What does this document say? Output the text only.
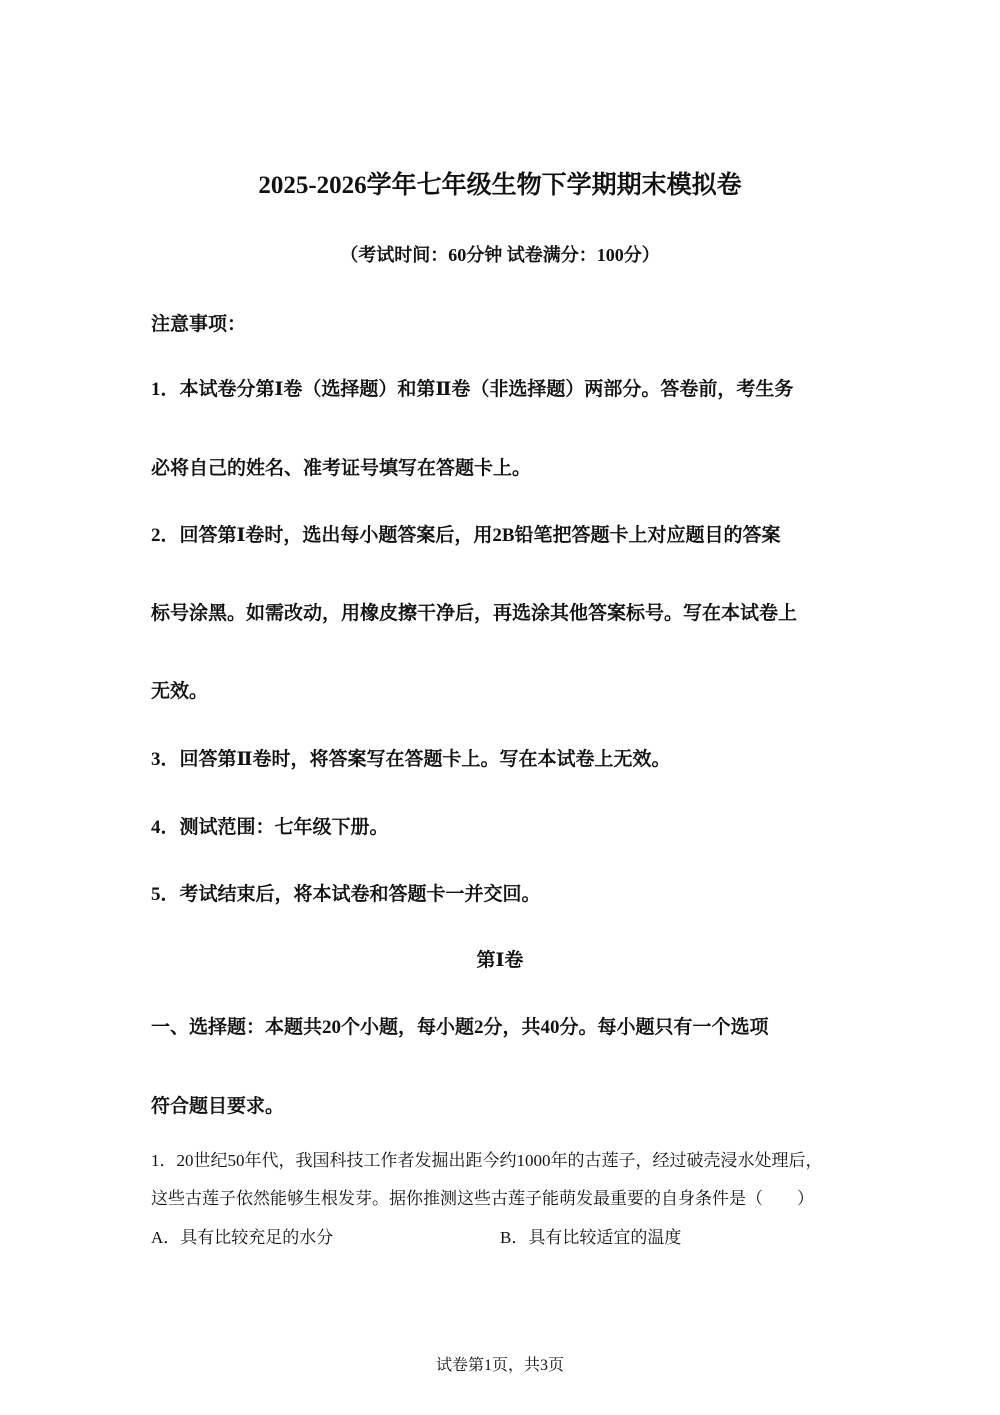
2025-2026学年七年级生物下学期期末模拟卷
（考试时间：60分钟 试卷满分：100分）
注意事项：
1．本试卷分第Ⅰ卷（选择题）和第Ⅱ卷（非选择题）两部分。答卷前，考生务
必将自己的姓名、准考证号填写在答题卡上。
2．回答第Ⅰ卷时，选出每小题答案后，用2B铅笔把答题卡上对应题目的答案
标号涂黑。如需改动，用橡皮擦干净后，再选涂其他答案标号。写在本试卷上
无效。
3．回答第Ⅱ卷时，将答案写在答题卡上。写在本试卷上无效。
4．测试范围：七年级下册。
5．考试结束后，将本试卷和答题卡一并交回。
第Ⅰ卷
一、选择题：本题共20个小题，每小题2分，共40分。每小题只有一个选项
符合题目要求。
1．20世纪50年代，我国科技工作者发掘出距今约1000年的古莲子，经过破壳浸水处理后，
这些古莲子依然能够生根发芽。据你推测这些古莲子能萌发最重要的自身条件是（　　）
A．具有比较充足的水分	B．具有比较适宜的温度
试卷第1页，共3页
